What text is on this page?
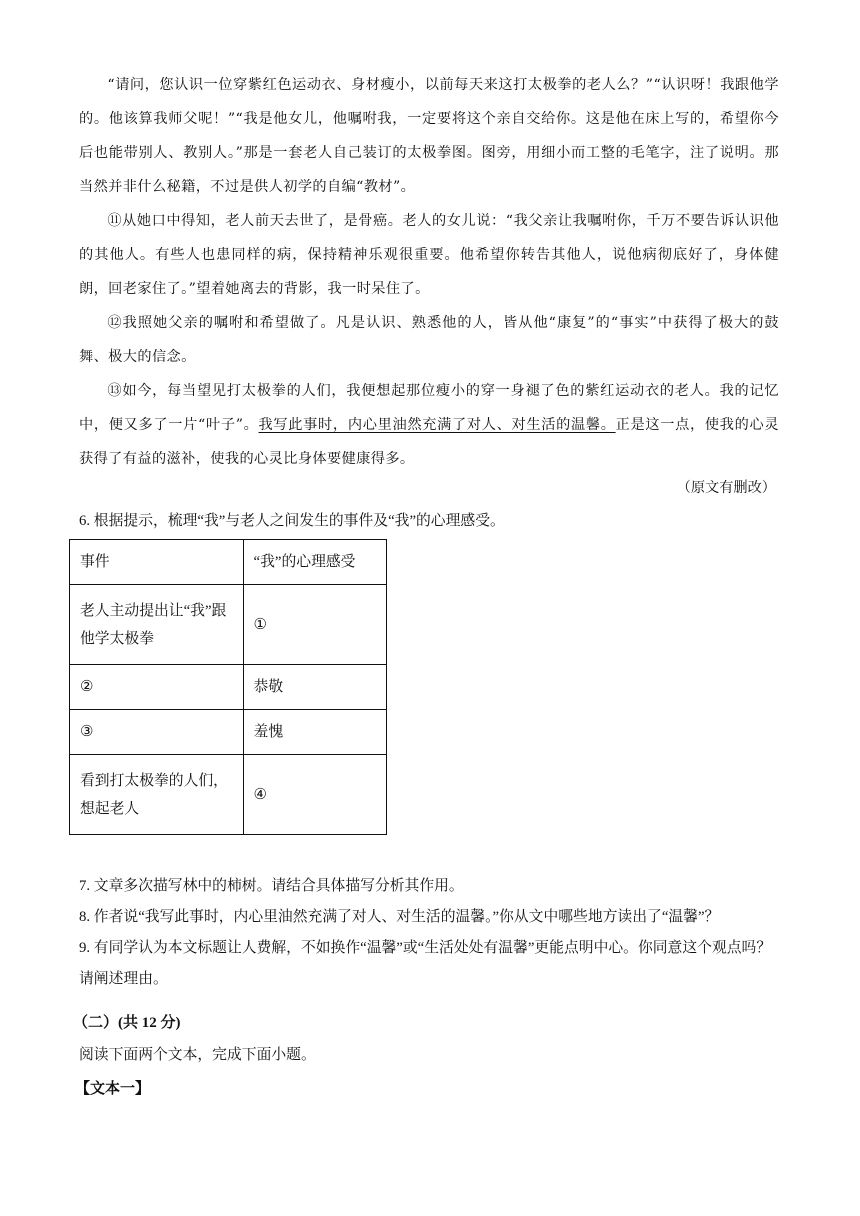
“请问，您认识一位穿紫红色运动衣、身材瘦小，以前每天来这打太极拳的老人么？”“认识呀！我跟他学的。他该算我师父呢！”“我是他女儿，他嘱咐我，一定要将这个亲自交给你。这是他在床上写的，希望你今后也能带别人、教别人。”那是一套老人自己装订的太极拳图。图旁，用细小而工整的毛笔字，注了说明。那当然并非什么秘籍，不过是供人初学的自编“教材”。

⑪从她口中得知，老人前天去世了，是骨癌。老人的女儿说：“我父亲让我嘱咐你，千万不要告诉认识他的其他人。有些人也患同样的病，保持精神乐观很重要。他希望你转告其他人，说他病彻底好了，身体健朗，回老家住了。”望着她离去的背影，我一时呆住了。

⑫我照她父亲的嘱咐和希望做了。凡是认识、熟悉他的人，皆从他“康复”的“事实”中获得了极大的鼓舞、极大的信念。

⑬如今，每当望见打太极拳的人们，我便想起那位瘦小的穿一身褪了色的紫红运动衣的老人。我的记忆中，便又多了一片“叶子”。我写此事时，内心里油然充满了对人、对生活的温馨。正是这一点，使我的心灵获得了有益的滋补，使我的心灵比身体要健康得多。

（原文有删改）
6. 根据提示，梳理“我”与老人之间发生的事件及“我”的心理感受。
事件	“我”的心理感受
老人主动提出让“我”跟他学太极拳	①
②	恭敬
③	羞愧
看到打太极拳的人们，想起老人	④

7. 文章多次描写林中的柿树。请结合具体描写分析其作用。

8. 作者说“我写此事时，内心里油然充满了对人、对生活的温馨。”你从文中哪些地方读出了“温馨”？

9. 有同学认为本文标题让人费解，不如换作“温馨”或“生活处处有温馨”更能点明中心。你同意这个观点吗？请阐述理由。

（二）(共 12 分)
阅读下面两个文本，完成下面小题。
【文本一】
